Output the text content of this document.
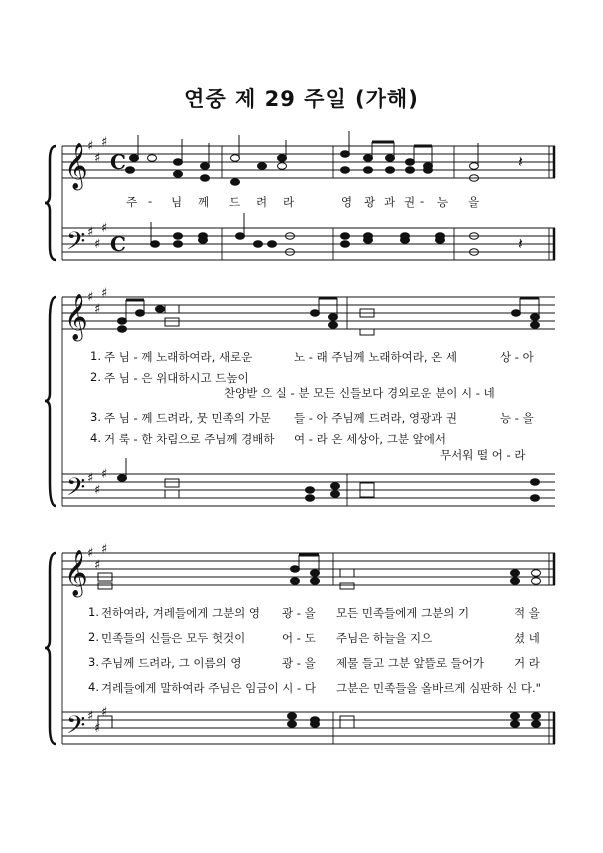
연중 제 29 주일 (가해)
𝄞
𝄢
𝄞
𝄢
𝄞
𝄢
♯
♯
♯
♯
♯
♯
♯
♯
♯
♯
♯
♯
♯
♯
♯
♯
♯
♯
C
C
𝄽
𝄽
주 - 님 께 드 려 라	영 광 과 권 - 능 을
1. 주 님 - 께 노래하여라, 새로운	노 - 래 주님께 노래하여라, 온 세	상 - 아
2. 주 님 - 은 위대하시고 드높이
찬양받 으 실 - 분 모든 신들보다 경외로운 분이 시 - 네
3. 주 님 - 께 드려라, 뭇 민족의 가문 들 - 아 주님께 드려라, 영광과 권	능 - 을
4. 거 룩 - 한 차림으로 주님께 경배하 여 - 라 온 세상아, 그분 앞에서
무서워 떨 어 - 라
1. 전하여라, 겨레들에게 그분의 영 광 - 을 모든 민족들에게 그분의 기	적 을
2. 민족들의 신들은 모두 헛것이	어 - 도 주님은 하늘을 지으	셨 네
3. 주님께 드려라, 그 이름의 영	광 - 을 제물 들고 그분 앞뜰로 들어가	거 라
4. 겨레들에게 말하여라 주님은 임금이 시 - 다 그분은 민족들을 올바르게 심판하 신 다."
